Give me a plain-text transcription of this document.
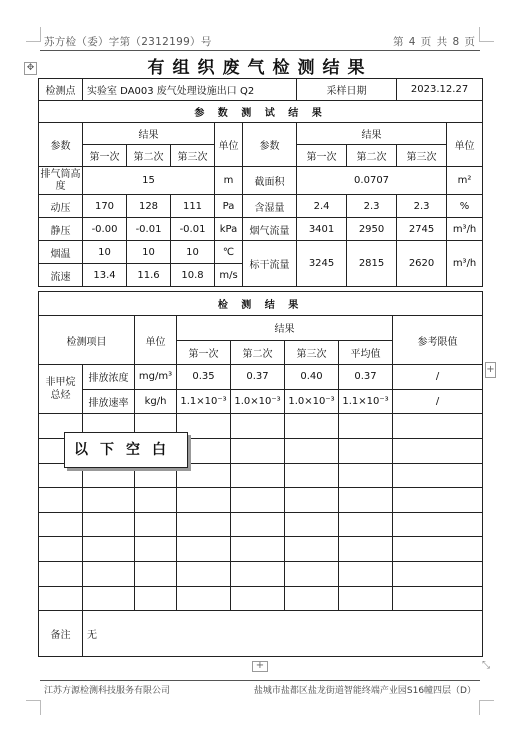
苏方检（委）字第（2312199）号	第 4 页 共 8 页
✥	有组织废气检测结果
检测点	实验室 DA003 废气处理设施出口 Q2					采样日期		2023.12.27	
参 数 测 试 结 果									
参数	结果			单位	参数	结果			单位
	第一次	第二次	第三次			第一次	第二次	第三次	
排气筒高度	15			m	截面积	0.0707			m²
动压	170	128	111	Pa	含湿量	2.4	2.3	2.3	%
静压	-0.00	-0.01	-0.01	kPa	烟气流量	3401	2950	2745	m³/h
烟温	10	10	10	℃	标干流量	3245	2815	2620	m³/h
流速	13.4	11.6	10.8	m/s					
检 测 结 果							
检测项目		单位	结果				参考限值
			第一次	第二次	第三次	平均值	
非甲烷总烃	排放浓度	mg/m³	0.35	0.37	0.40	0.37	/
	排放速率	kg/h	1.1×10⁻³	1.0×10⁻³	1.0×10⁻³	1.1×10⁻³	/

备注	无						
以下空白
+
+	⤡
江苏方源检测科技服务有限公司	盐城市盐都区盐龙街道智能终端产业园S16幢四层（D）
